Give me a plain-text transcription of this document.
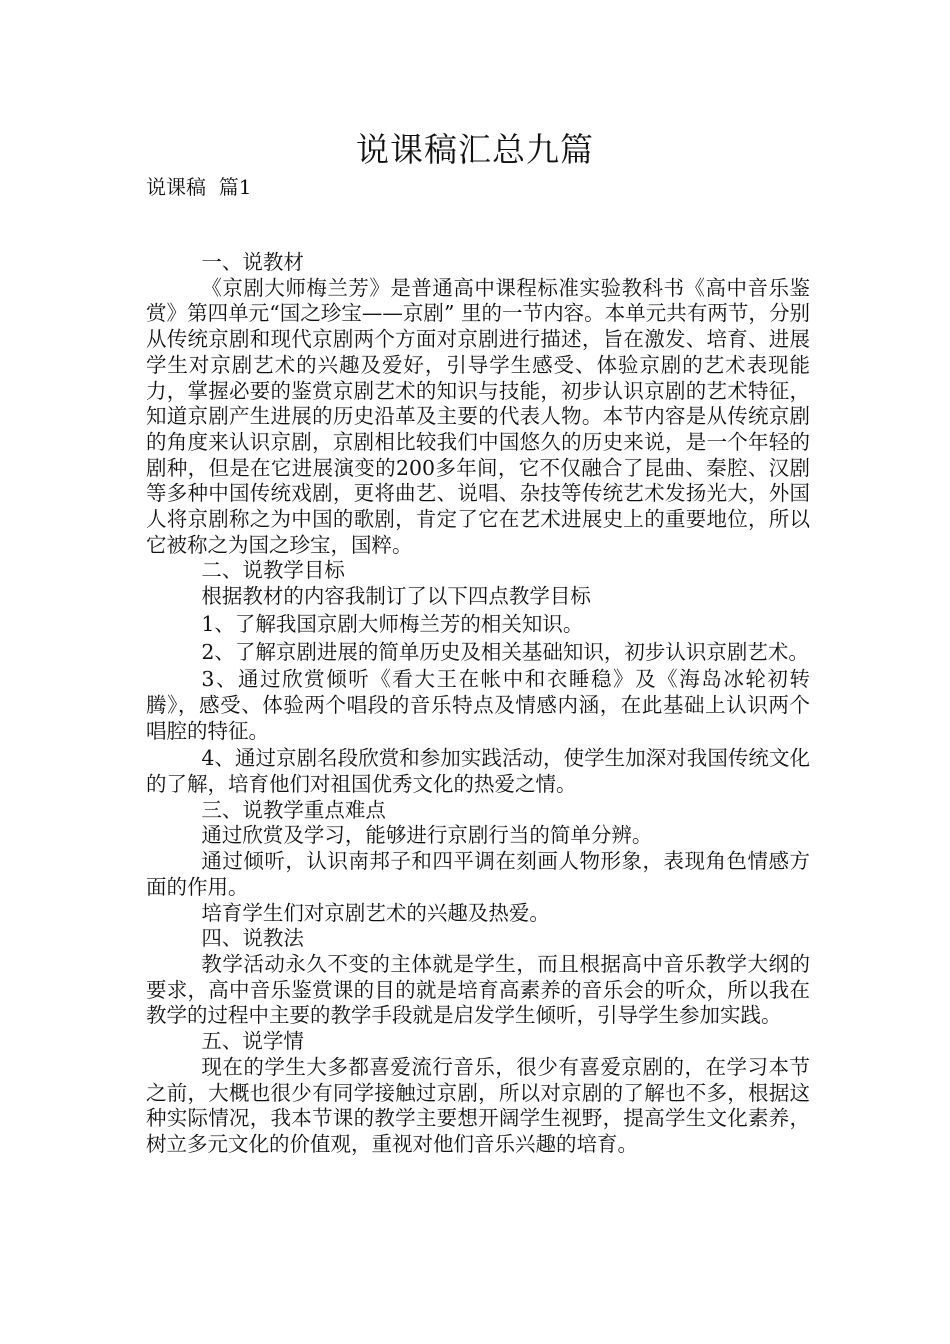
说课稿汇总九篇
说课稿  篇1

一、说教材

《京剧大师梅兰芳》是普通高中课程标准实验教科书《高中音乐鉴赏》第四单元“国之珍宝——京剧” 里的一节内容。本单元共有两节，分别从传统京剧和现代京剧两个方面对京剧进行描述，旨在激发、培育、进展学生对京剧艺术的兴趣及爱好，引导学生感受、体验京剧的艺术表现能力，掌握必要的鉴赏京剧艺术的知识与技能，初步认识京剧的艺术特征，知道京剧产生进展的历史沿革及主要的代表人物。本节内容是从传统京剧的角度来认识京剧，京剧相比较我们中国悠久的历史来说，是一个年轻的剧种，但是在它进展演变的200多年间，它不仅融合了昆曲、秦腔、汉剧等多种中国传统戏剧，更将曲艺、说唱、杂技等传统艺术发扬光大，外国人将京剧称之为中国的歌剧，肯定了它在艺术进展史上的重要地位，所以它被称之为国之珍宝，国粹。

二、说教学目标

根据教材的内容我制订了以下四点教学目标

1、了解我国京剧大师梅兰芳的相关知识。

2、了解京剧进展的简单历史及相关基础知识，初步认识京剧艺术。

3、通过欣赏倾听《看大王在帐中和衣睡稳》及《海岛冰轮初转腾》，感受、体验两个唱段的音乐特点及情感内涵，在此基础上认识两个唱腔的特征。

4、通过京剧名段欣赏和参加实践活动，使学生加深对我国传统文化的了解，培育他们对祖国优秀文化的热爱之情。

三、说教学重点难点

通过欣赏及学习，能够进行京剧行当的简单分辨。

通过倾听，认识南邦子和四平调在刻画人物形象，表现角色情感方面的作用。

培育学生们对京剧艺术的兴趣及热爱。

四、说教法

教学活动永久不变的主体就是学生，而且根据高中音乐教学大纲的要求，高中音乐鉴赏课的目的就是培育高素养的音乐会的听众，所以我在教学的过程中主要的教学手段就是启发学生倾听，引导学生参加实践。

五、说学情

现在的学生大多都喜爱流行音乐，很少有喜爱京剧的，在学习本节之前，大概也很少有同学接触过京剧，所以对京剧的了解也不多，根据这种实际情况，我本节课的教学主要想开阔学生视野，提高学生文化素养，树立多元文化的价值观，重视对他们音乐兴趣的培育。
